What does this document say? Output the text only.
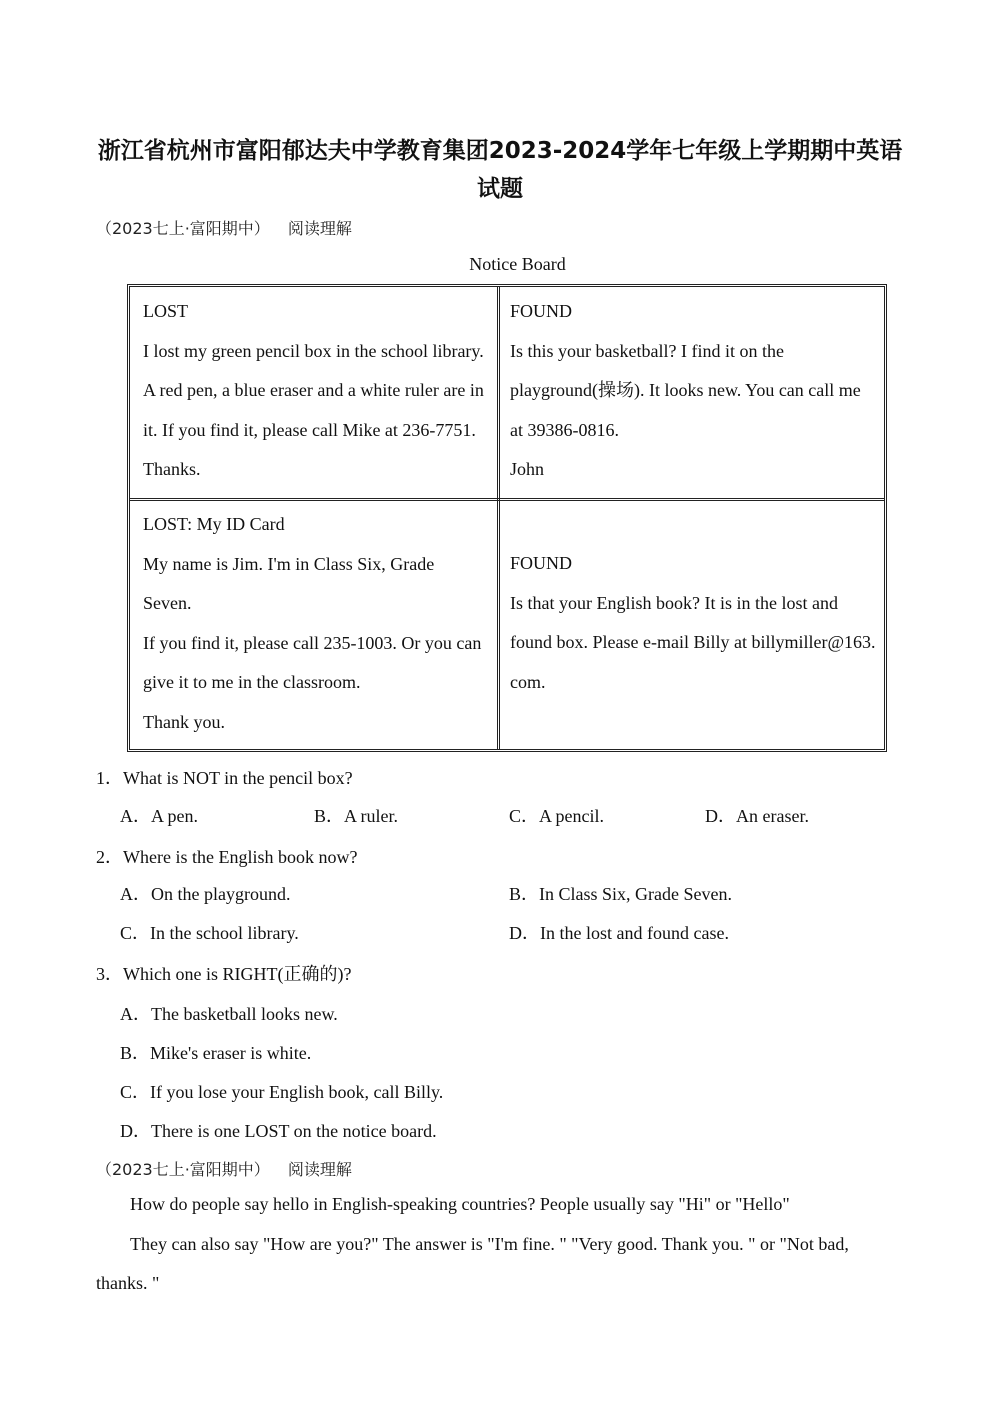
浙江省杭州市富阳郁达夫中学教育集团2023-2024学年七年级上学期期中英语
试题
（2023七上·富阳期中） 阅读理解
Notice Board
LOST
I lost my green pencil box in the school library.
A red pen, a blue eraser and a white ruler are in
it. If you find it, please call Mike at 236-7751.
Thanks.
FOUND
Is this your basketball? I find it on the
playground(操场). It looks new. You can call me
at 39386-0816.
John
LOST: My ID Card
My name is Jim. I'm in Class Six, Grade
Seven.
If you find it, please call 235-1003. Or you can
give it to me in the classroom.
Thank you.
FOUND
Is that your English book? It is in the lost and
found box. Please e-mail Billy at billymiller@163.
com.
1．What is NOT in the pencil box?
A．A pen.	B．A ruler.	C．A pencil.	D．An eraser.
2．Where is the English book now?
A．On the playground.	B．In Class Six, Grade Seven.
C．In the school library.	D．In the lost and found case.
3．Which one is RIGHT(正确的)?
A．The basketball looks new.
B．Mike's eraser is white.
C．If you lose your English book, call Billy.
D．There is one LOST on the notice board.
（2023七上·富阳期中） 阅读理解
How do people say hello in English-speaking countries? People usually say "Hi" or "Hello"
They can also say "How are you?" The answer is "I'm fine. " "Very good. Thank you. " or "Not bad,
thanks. "
